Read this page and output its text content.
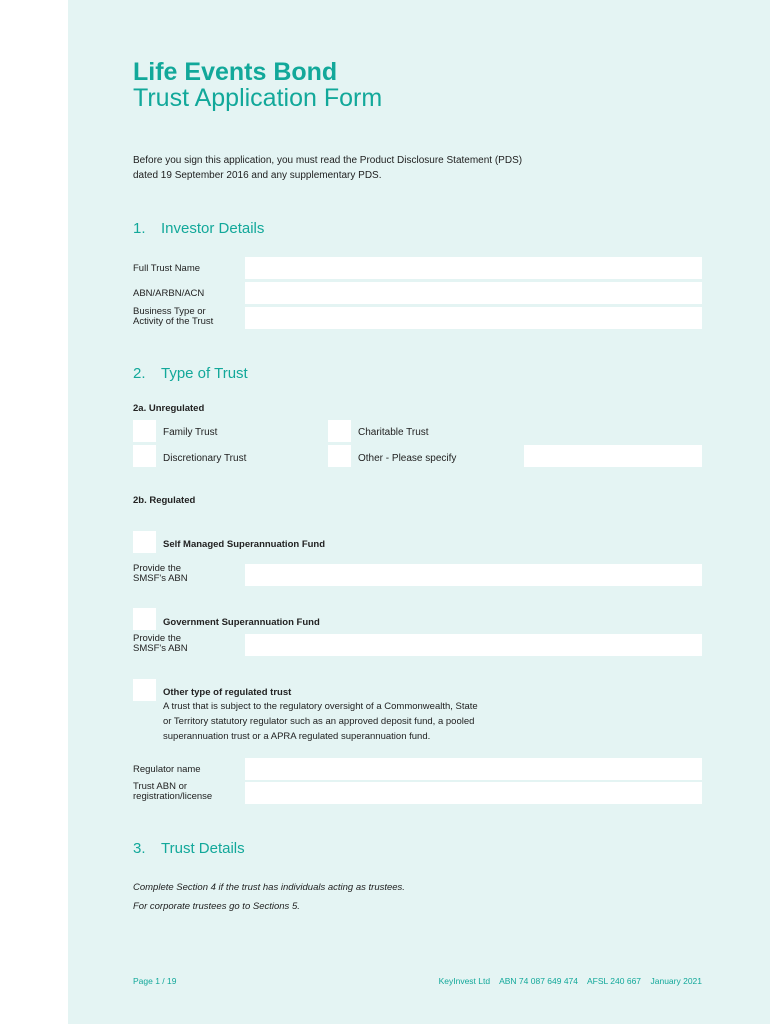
Life Events Bond
Trust Application Form
Before you sign this application, you must read the Product Disclosure Statement (PDS)
dated 19 September 2016 and any supplementary PDS.
1. Investor Details
Full Trust Name
ABN/ARBN/ACN
Business Type or
Activity of the Trust
2. Type of Trust
2a. Unregulated
Family Trust	Charitable Trust
Discretionary Trust	Other - Please specify
2b. Regulated
Self Managed Superannuation Fund
Provide the
SMSF's ABN
Government Superannuation Fund
Provide the
SMSF's ABN
Other type of regulated trust
A trust that is subject to the regulatory oversight of a Commonwealth, State
or Territory statutory regulator such as an approved deposit fund, a pooled
superannuation trust or a APRA regulated superannuation fund.
Regulator name
Trust ABN or
registration/license
3. Trust Details
Complete Section 4 if the trust has individuals acting as trustees.
For corporate trustees go to Sections 5.
Page 1 / 19	KeyInvest Ltd ABN 74 087 649 474 AFSL 240 667 January 2021
